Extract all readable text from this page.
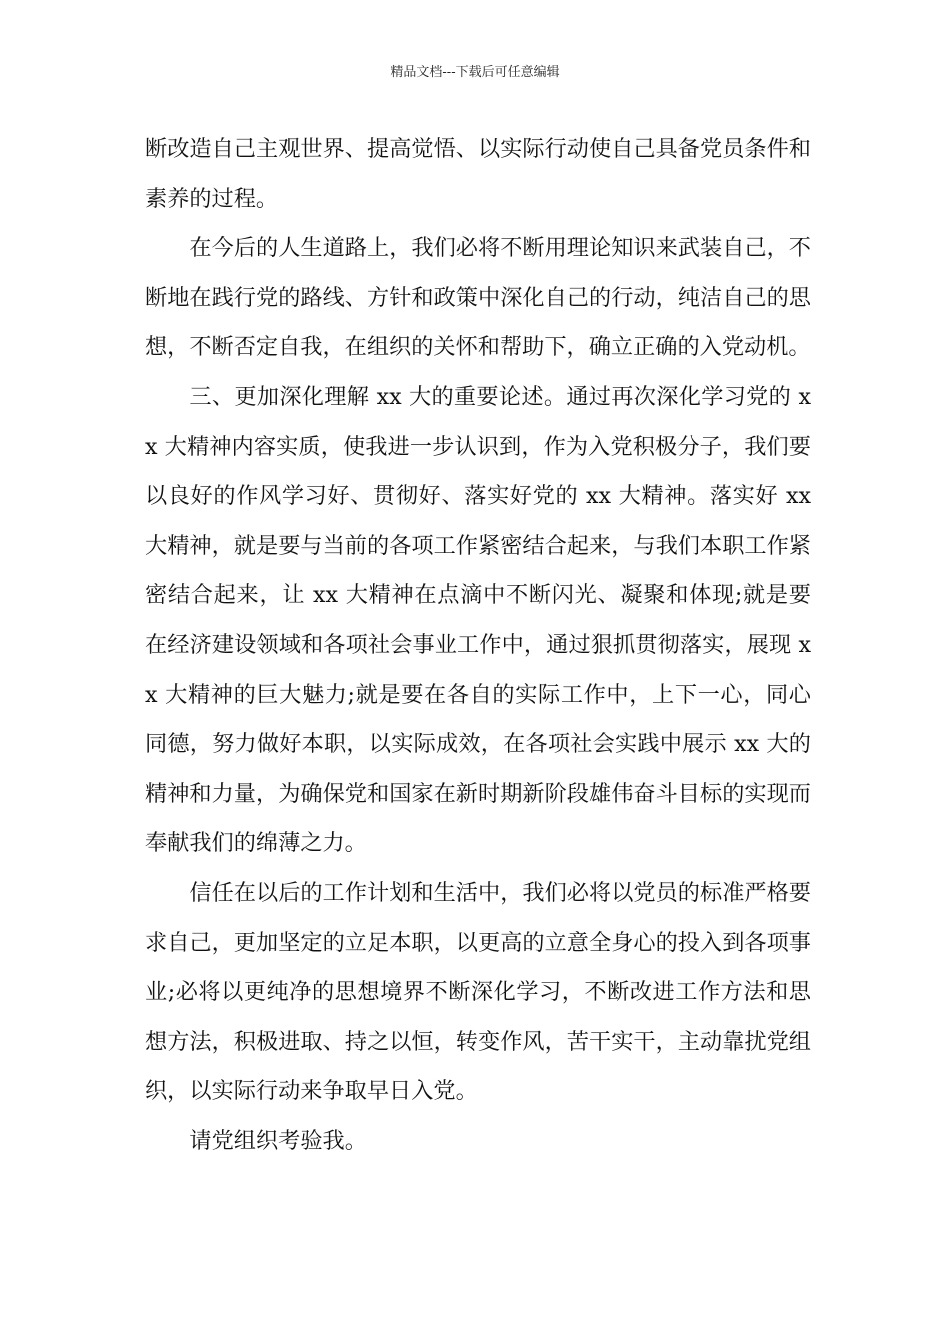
精品文档---下载后可任意编辑

断改造自己主观世界、提高觉悟、以实际行动使自己具备党员条件和素养的过程。

在今后的人生道路上，我们必将不断用理论知识来武装自己，不断地在践行党的路线、方针和政策中深化自己的行动，纯洁自己的思想，不断否定自我，在组织的关怀和帮助下，确立正确的入党动机。

三、更加深化理解 xx 大的重要论述。通过再次深化学习党的 xx 大精神内容实质，使我进一步认识到，作为入党积极分子，我们要以良好的作风学习好、贯彻好、落实好党的 xx 大精神。落实好 xx 大精神，就是要与当前的各项工作紧密结合起来，与我们本职工作紧密结合起来，让 xx 大精神在点滴中不断闪光、凝聚和体现;就是要在经济建设领域和各项社会事业工作中，通过狠抓贯彻落实，展现 xx 大精神的巨大魅力;就是要在各自的实际工作中，上下一心，同心同德，努力做好本职，以实际成效，在各项社会实践中展示 xx 大的精神和力量，为确保党和国家在新时期新阶段雄伟奋斗目标的实现而奉献我们的绵薄之力。

信任在以后的工作计划和生活中，我们必将以党员的标准严格要求自己，更加坚定的立足本职，以更高的立意全身心的投入到各项事业;必将以更纯净的思想境界不断深化学习，不断改进工作方法和思想方法，积极进取、持之以恒，转变作风，苦干实干，主动靠扰党组织，以实际行动来争取早日入党。

请党组织考验我。
